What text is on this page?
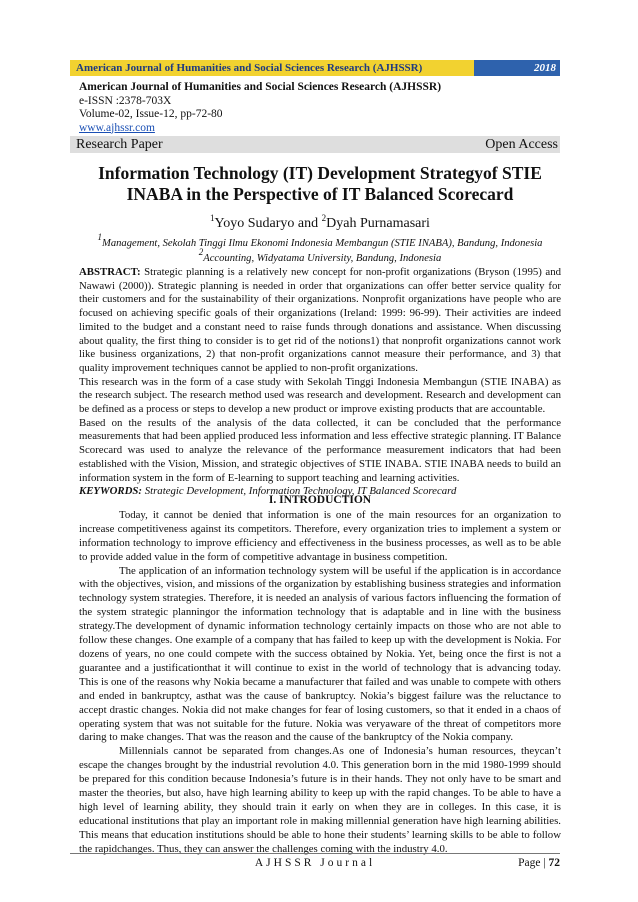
American Journal of Humanities and Social Sciences Research (AJHSSR)	2018
American Journal of Humanities and Social Sciences Research (AJHSSR)
e-ISSN :2378-703X
Volume-02, Issue-12, pp-72-80
www.ajhssr.com
Research Paper	Open Access
Information Technology (IT) Development Strategyof STIE INABA in the Perspective of IT Balanced Scorecard
$^1$Yoyo Sudaryo and $^2$Dyah Purnamasari
$^1$Management, Sekolah Tinggi Ilmu Ekonomi Indonesia Membangun (STIE INABA), Bandung, Indonesia
$^2$Accounting, Widyatama University, Bandung, Indonesia

ABSTRACT: Strategic planning is a relatively new concept for non-profit organizations (Bryson (1995) and Nawawi (2000)). Strategic planning is needed in order that organizations can offer better service quality for their customers and for the sustainability of their organizations. Nonprofit organizations have people who are focused on achieving specific goals of their organizations (Ireland: 1999: 96-99). Their activities are indeed limited to the budget and a constant need to raise funds through donations and assistance. When discussing about quality, the first thing to consider is to get rid of the notions1) that nonprofit organizations cannot work like business organizations, 2) that non-profit organizations cannot measure their performance, and 3) that quality improvement techniques cannot be applied to non-profit organizations.

This research was in the form of a case study with Sekolah Tinggi Indonesia Membangun (STIE INABA) as the research subject. The research method used was research and development. Research and development can be defined as a process or steps to develop a new product or improve existing products that are accountable.

Based on the results of the analysis of the data collected, it can be concluded that the performance measurements that had been applied produced less information and less effective strategic planning. IT Balance Scorecard was used to analyze the relevance of the performance measurement indicators that had been established with the Vision, Mission, and strategic objectives of STIE INABA. STIE INABA needs to build an information system in the form of E-learning to support teaching and learning activities.

KEYWORDS: Strategic Development, Information Technology, IT Balanced Scorecard

I. INTRODUCTION

Today, it cannot be denied that information is one of the main resources for an organization to increase competitiveness against its competitors. Therefore, every organization tries to implement a system or information technology to improve efficiency and effectiveness in the business processes, as well as to be able to provide added value in the form of competitive advantage in business competition.

The application of an information technology system will be useful if the application is in accordance with the objectives, vision, and missions of the organization by establishing business strategies and information technology system strategies. Therefore, it is needed an analysis of various factors influencing the formation of the system strategic planningor the information technology that is adaptable and in line with the business strategy.The development of dynamic information technology certainly impacts on those who are not able to follow these changes. One example of a company that has failed to keep up with the development is Nokia. For dozens of years, no one could compete with the success obtained by Nokia. Yet, being once the first is not a guarantee and a justificationthat it will continue to exist in the world of technology that is advancing today. This is one of the reasons why Nokia became a manufacturer that failed and was unable to compete with others and ended in bankruptcy, asthat was the cause of bankruptcy. Nokia’s biggest failure was the reluctance to accept drastic changes. Nokia did not make changes for fear of losing customers, so that it ended in a chaos of operating system that was not suitable for the future. Nokia was veryaware of the threat of competitors more daring to make changes. That was the reason and the cause of the bankruptcy of the Nokia company.

Millennials cannot be separated from changes.As one of Indonesia’s human resources, theycan’t escape the changes brought by the industrial revolution 4.0. This generation born in the mid 1980-1999 should be prepared for this condition because Indonesia’s future is in their hands. They not only have to be smart and master the theories, but also, have high learning ability to keep up with the rapid changes. To be able to have a high level of learning ability, they should train it early on when they are in colleges. In this case, it is educational institutions that play an important role in making millennial generation have high learning abilities. This means that education institutions should be able to hone their students’ learning skills to be able to follow the rapidchanges. Thus, they can answer the challenges coming with the industry 4.0.

AJHSSR Journal	Page | 72
